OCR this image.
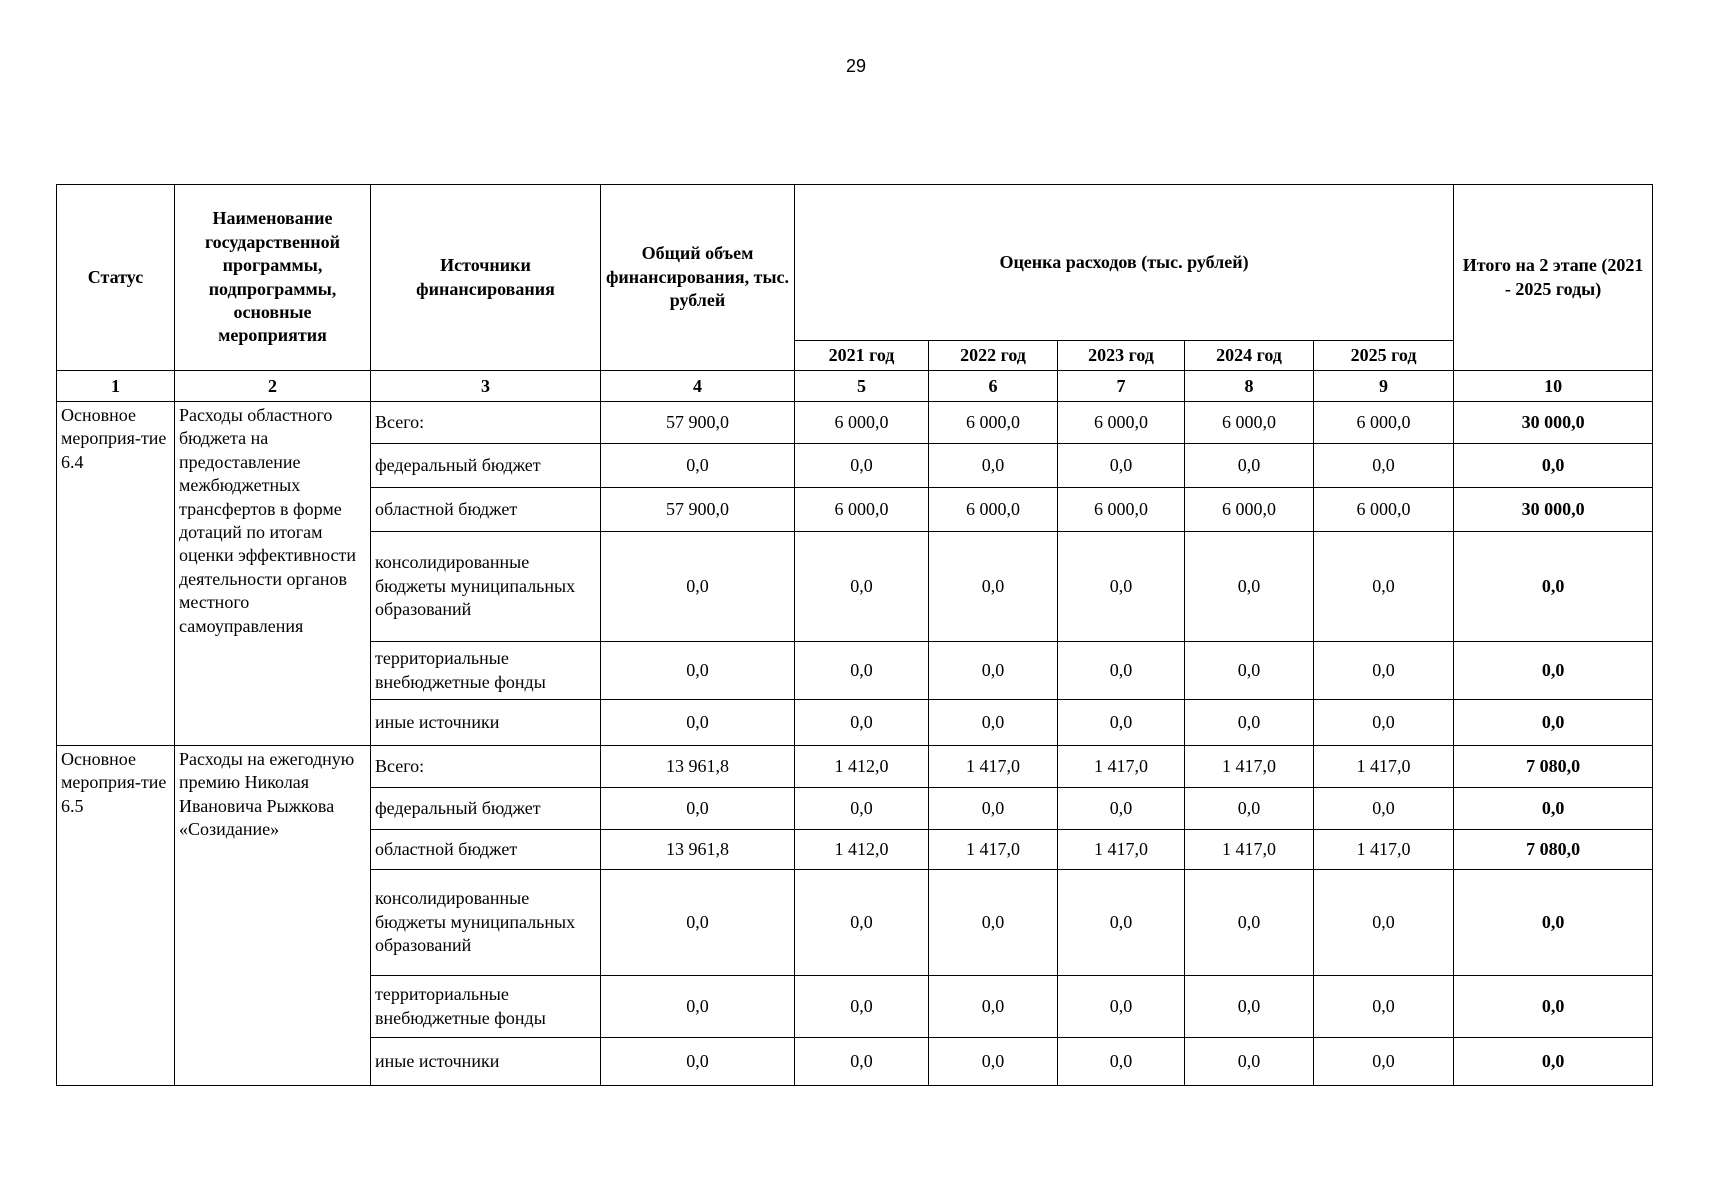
29
Статус	Наименование государственной программы, подпрограммы, основные мероприятия	Источники финансирования	Общий объем финансирования, тыс. рублей	Оценка расходов (тыс. рублей)					Итого на 2 этапе (2021 - 2025 годы)
				2021 год	2022 год	2023 год	2024 год	2025 год	
1	2	3	4	5	6	7	8	9	10
Основное мероприя-тие 6.4	Расходы областного бюджета на предоставление межбюджетных трансфертов в форме дотаций по итогам оценки эффективности деятельности органов местного самоуправления	Всего:	57 900,0	6 000,0	6 000,0	6 000,0	6 000,0	6 000,0	30 000,0
		федеральный бюджет	0,0	0,0	0,0	0,0	0,0	0,0	0,0
		областной бюджет	57 900,0	6 000,0	6 000,0	6 000,0	6 000,0	6 000,0	30 000,0
		консолидированные бюджеты муниципальных образований	0,0	0,0	0,0	0,0	0,0	0,0	0,0
		территориальные внебюджетные фонды	0,0	0,0	0,0	0,0	0,0	0,0	0,0
		иные источники	0,0	0,0	0,0	0,0	0,0	0,0	0,0
Основное мероприя-тие 6.5	Расходы на ежегодную премию Николая Ивановича Рыжкова «Созидание»	Всего:	13 961,8	1 412,0	1 417,0	1 417,0	1 417,0	1 417,0	7 080,0
		федеральный бюджет	0,0	0,0	0,0	0,0	0,0	0,0	0,0
		областной бюджет	13 961,8	1 412,0	1 417,0	1 417,0	1 417,0	1 417,0	7 080,0
		консолидированные бюджеты муниципальных образований	0,0	0,0	0,0	0,0	0,0	0,0	0,0
		территориальные внебюджетные фонды	0,0	0,0	0,0	0,0	0,0	0,0	0,0
		иные источники	0,0	0,0	0,0	0,0	0,0	0,0	0,0
